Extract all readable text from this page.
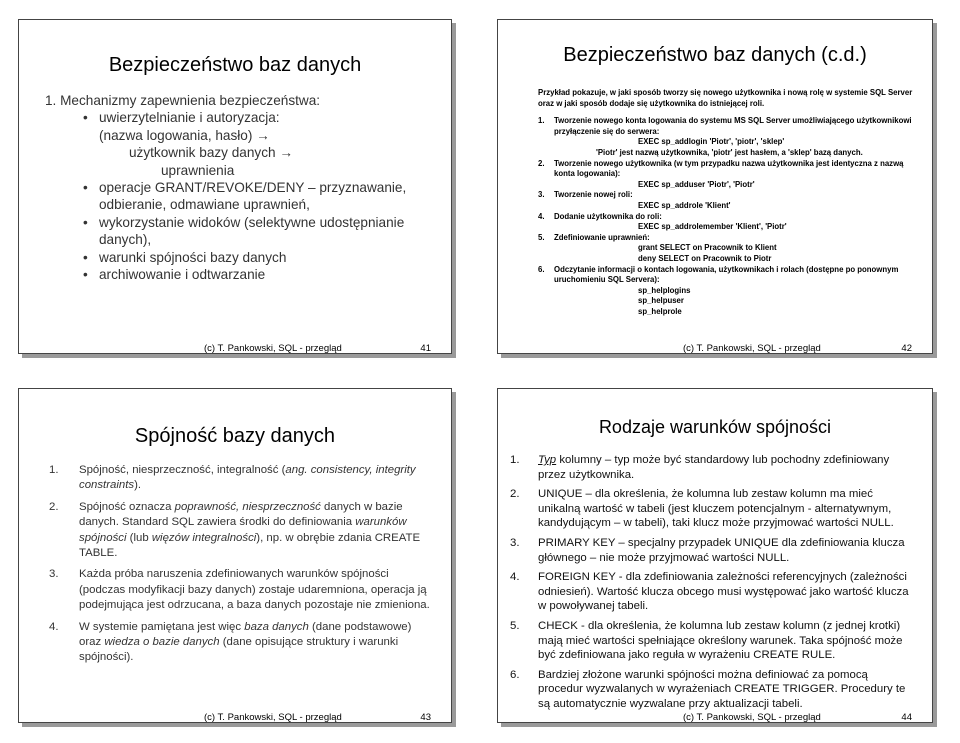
Bezpieczeństwo baz danych
1. Mechanizmy zapewnienia bezpieczeństwa:
• uwierzytelnianie i autoryzacja:
(nazwa logowania, hasło) →
użytkownik bazy danych →
uprawnienia
• operacje GRANT/REVOKE/DENY – przyznawanie,
odbieranie, odmawiane uprawnień,
• wykorzystanie widoków (selektywne udostępnianie
danych),
• warunki spójności bazy danych
• archiwowanie i odtwarzanie
(c) T. Pankowski, SQL - przegląd	41
Bezpieczeństwo baz danych (c.d.)
Przykład pokazuje, w jaki sposób tworzy się nowego użytkownika i nową rolę w systemie SQL Server oraz w jaki sposób dodaje się użytkownika do istniejącej roli.
1. Tworzenie nowego konta logowania do systemu MS SQL Server umożliwiającego użytkownikowi przyłączenie się do serwera:
EXEC sp_addlogin 'Piotr', 'piotr', 'sklep'
'Piotr' jest nazwą użytkownika, 'piotr' jest hasłem, a 'sklep' bazą danych.
2. Tworzenie nowego użytkownika (w tym przypadku nazwa użytkownika jest identyczna z nazwą konta logowania):
EXEC sp_adduser 'Piotr', 'Piotr'
3. Tworzenie nowej roli:
EXEC sp_addrole 'Klient'
4. Dodanie użytkownika do roli:
EXEC sp_addrolemember 'Klient', 'Piotr'
5. Zdefiniowanie uprawnień:
grant SELECT on Pracownik to Klient
deny SELECT on Pracownik to Piotr
6. Odczytanie informacji o kontach logowania, użytkownikach i rolach (dostępne po ponownym uruchomieniu SQL Servera):
sp_helplogins
sp_helpuser
sp_helprole
(c) T. Pankowski, SQL - przegląd	42
Spójność bazy danych
1. Spójność, niesprzeczność, integralność (ang. consistency, integrity constraints).
2. Spójność oznacza poprawność, niesprzeczność danych w bazie danych. Standard SQL zawiera środki do definiowania warunków spójności (lub więzów integralności), np. w obrębie zdania CREATE TABLE.
3. Każda próba naruszenia zdefiniowanych warunków spójności (podczas modyfikacji bazy danych) zostaje udaremniona, operacja ją podejmująca jest odrzucana, a baza danych pozostaje nie zmieniona.
4. W systemie pamiętana jest więc baza danych (dane podstawowe) oraz wiedza o bazie danych (dane opisujące struktury i warunki spójności).
(c) T. Pankowski, SQL - przegląd	43
Rodzaje warunków spójności
1. Typ kolumny – typ może być standardowy lub pochodny zdefiniowany przez użytkownika.
2. UNIQUE – dla określenia, że kolumna lub zestaw kolumn ma mieć unikalną wartość w tabeli (jest kluczem potencjalnym - alternatywnym, kandydującym – w tabeli), taki klucz może przyjmować wartości NULL.
3. PRIMARY KEY – specjalny przypadek UNIQUE dla zdefiniowania klucza głównego – nie może przyjmować wartości NULL.
4. FOREIGN KEY - dla zdefiniowania zależności referencyjnych (zależności odniesień). Wartość klucza obcego musi występować jako wartość klucza w powoływanej tabeli.
5. CHECK - dla określenia, że kolumna lub zestaw kolumn (z jednej krotki) mają mieć wartości spełniające określony warunek. Taka spójność może być zdefiniowana jako reguła w wyrażeniu CREATE RULE.
6. Bardziej złożone warunki spójności można definiować za pomocą procedur wyzwalanych w wyrażeniach CREATE TRIGGER. Procedury te są automatycznie wyzwalane przy aktualizacji tabeli.
(c) T. Pankowski, SQL - przegląd	44
